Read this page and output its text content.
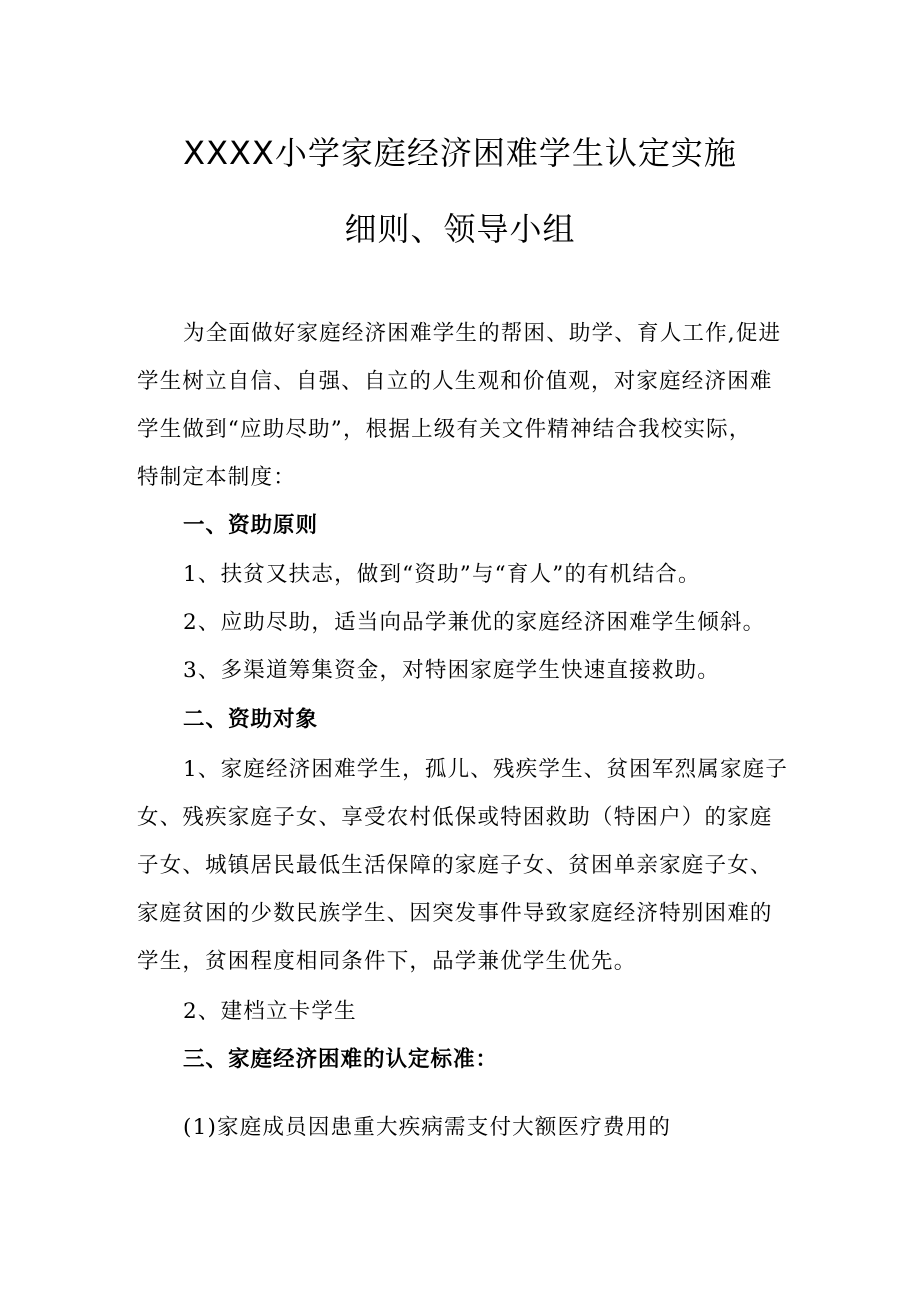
XXXX小学家庭经济困难学生认定实施
细则、领导小组

为全面做好家庭经济困难学生的帮困、助学、育人工作,促进

学生树立自信、自强、自立的人生观和价值观，对家庭经济困难

学生做到“应助尽助”，根据上级有关文件精神结合我校实际，

特制定本制度：

一、资助原则

1、扶贫又扶志，做到“资助”与“育人”的有机结合。

2、应助尽助，适当向品学兼优的家庭经济困难学生倾斜。

3、多渠道筹集资金，对特困家庭学生快速直接救助。

二、资助对象

1、家庭经济困难学生，孤儿、残疾学生、贫困军烈属家庭子

女、残疾家庭子女、享受农村低保或特困救助（特困户）的家庭

子女、城镇居民最低生活保障的家庭子女、贫困单亲家庭子女、

家庭贫困的少数民族学生、因突发事件导致家庭经济特别困难的

学生，贫困程度相同条件下，品学兼优学生优先。

2、建档立卡学生

三、家庭经济困难的认定标准：

(1)家庭成员因患重大疾病需支付大额医疗费用的
